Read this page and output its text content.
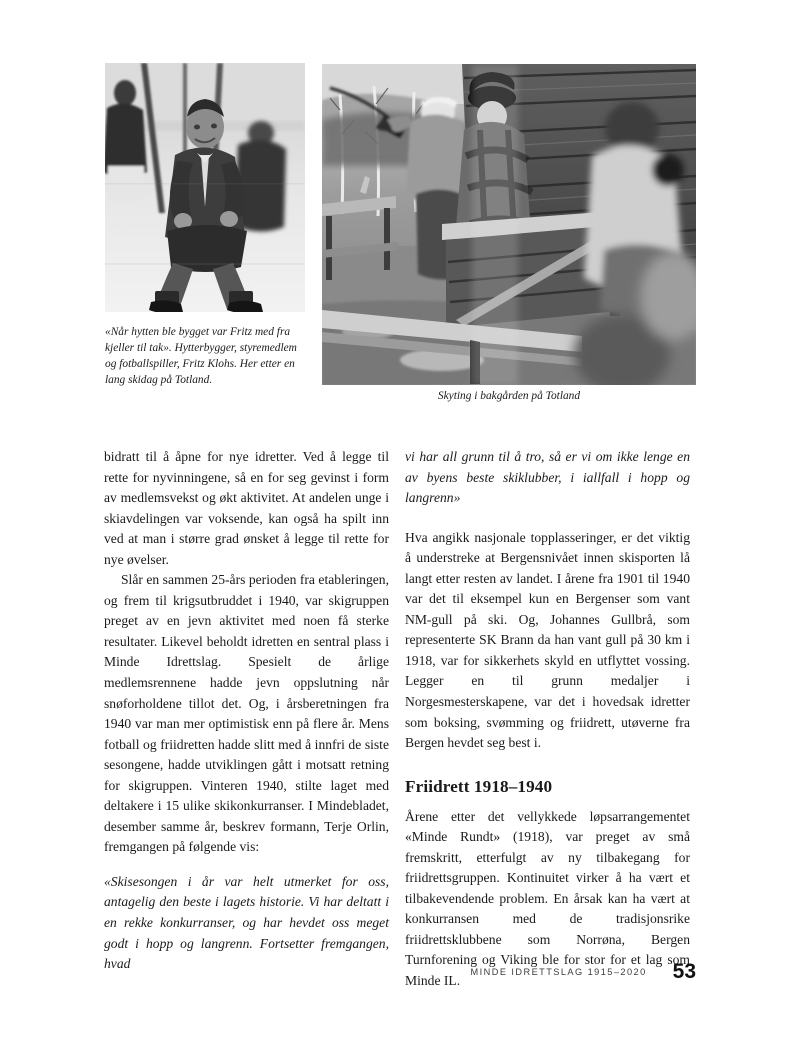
«Når hytten ble bygget var Fritz med fra kjeller til tak». Hytterbygger, styremedlem og fotballspiller, Fritz Klohs. Her etter en lang skidag på Totland.
Skyting i bakgården på Totland

bidratt til å åpne for nye idretter. Ved å legge til rette for nyvinningene, så en for seg gevinst i form av medlemsvekst og økt aktivitet. At andelen unge i skiavdelingen var voksende, kan også ha spilt inn ved at man i større grad ønsket å legge til rette for nye øvelser.

Slår en sammen 25-års perioden fra etableringen, og frem til krigsutbruddet i 1940, var skigruppen preget av en jevn aktivitet med noen få sterke resultater. Likevel beholdt idretten en sentral plass i Minde Idrettslag. Spesielt de årlige medlemsrennene hadde jevn oppslutning når snøforholdene tillot det. Og, i årsberetningen fra 1940 var man mer optimistisk enn på flere år. Mens fotball og friidretten hadde slitt med å innfri de siste sesongene, hadde utviklingen gått i motsatt retning for skigruppen. Vinteren 1940, stilte laget med deltakere i 15 ulike skikonkurranser. I Mindebladet, desember samme år, beskrev formann, Terje Orlin, fremgangen på følgende vis:

«Skisesongen i år var helt utmerket for oss, antagelig den beste i lagets historie. Vi har deltatt i en rekke konkurranser, og har hevdet oss meget godt i hopp og langrenn. Fortsetter fremgangen, hvad

vi har all grunn til å tro, så er vi om ikke lenge en av byens beste skiklubber, i iallfall i hopp og langrenn»

Hva angikk nasjonale topplasseringer, er det viktig å understreke at Bergensnivået innen skisporten lå langt etter resten av landet. I årene fra 1901 til 1940 var det til eksempel kun en Bergenser som vant NM-gull på ski. Og, Johannes Gullbrå, som representerte SK Brann da han vant gull på 30 km i 1918, var for sikkerhets skyld en utflyttet vossing. Legger en til grunn medaljer i Norgesmesterskapene, var det i hovedsak idretter som boksing, svømming og friidrett, utøverne fra Bergen hevdet seg best i.

Friidrett 1918–1940

Årene etter det vellykkede løpsarrangementet «Minde Rundt» (1918), var preget av små fremskritt, etterfulgt av ny tilbakegang for friidrettsgruppen. Kontinuitet virker å ha vært et tilbakevendende problem. En årsak kan ha vært at konkurransen med de tradisjonsrike friidrettsklubbene som Norrøna, Bergen Turnforening og Viking ble for stor for et lag som Minde IL.

MINDE IDRETTSLAG 1915–2020 53
